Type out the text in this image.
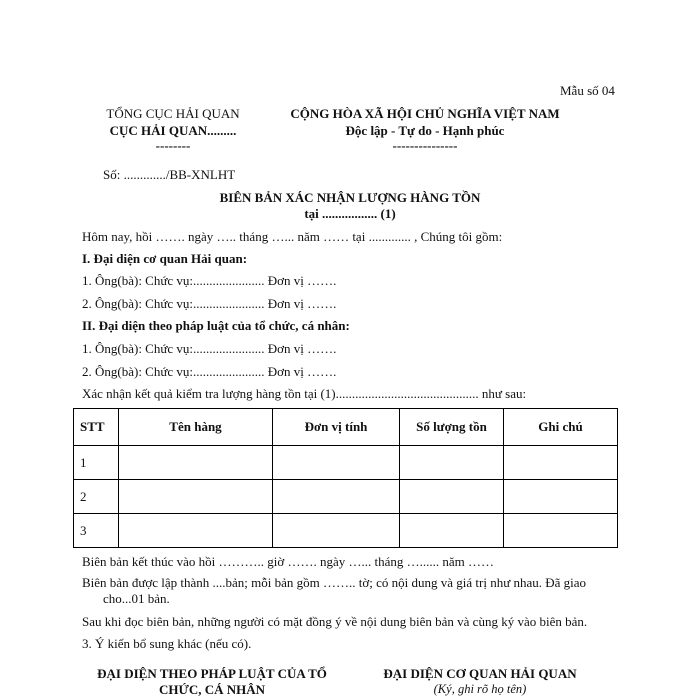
Mẫu số 04
TỔNG CỤC HẢI QUAN
CỤC HẢI QUAN.........
--------
CỘNG HÒA XÃ HỘI CHỦ NGHĨA VIỆT NAM
Độc lập - Tự do - Hạnh phúc
---------------
Số: ............./BB-XNLHT
BIÊN BẢN XÁC NHẬN LƯỢNG HÀNG TỒN
tại ................. (1)
Hôm nay, hồi ……. ngày ….. tháng …... năm …… tại ............. , Chúng tôi gồm:
I. Đại diện cơ quan Hải quan:
1. Ông(bà): Chức vụ:...................... Đơn vị …….
2. Ông(bà): Chức vụ:...................... Đơn vị …….
II. Đại diện theo pháp luật của tổ chức, cá nhân:
1. Ông(bà): Chức vụ:...................... Đơn vị …….
2. Ông(bà): Chức vụ:...................... Đơn vị …….
Xác nhận kết quả kiểm tra lượng hàng tồn tại (1)............................................ như sau:
STT	Tên hàng	Đơn vị tính	Số lượng tồn	Ghi chú
1				
2				
3				
Biên bản kết thúc vào hồi ……….. giờ ……. ngày …... tháng …...... năm ……
Biên bản được lập thành ....bản; mỗi bản gồm …….. tờ; có nội dung và giá trị như nhau. Đã giao
cho...01 bản.
Sau khi đọc biên bản, những người có mặt đồng ý về nội dung biên bản và cùng ký vào biên bản.
3. Ý kiến bổ sung khác (nếu có).
ĐẠI DIỆN THEO PHÁP LUẬT CỦA TỔ
CHỨC, CÁ NHÂN
ĐẠI DIỆN CƠ QUAN HẢI QUAN
(Ký, ghi rõ họ tên)
